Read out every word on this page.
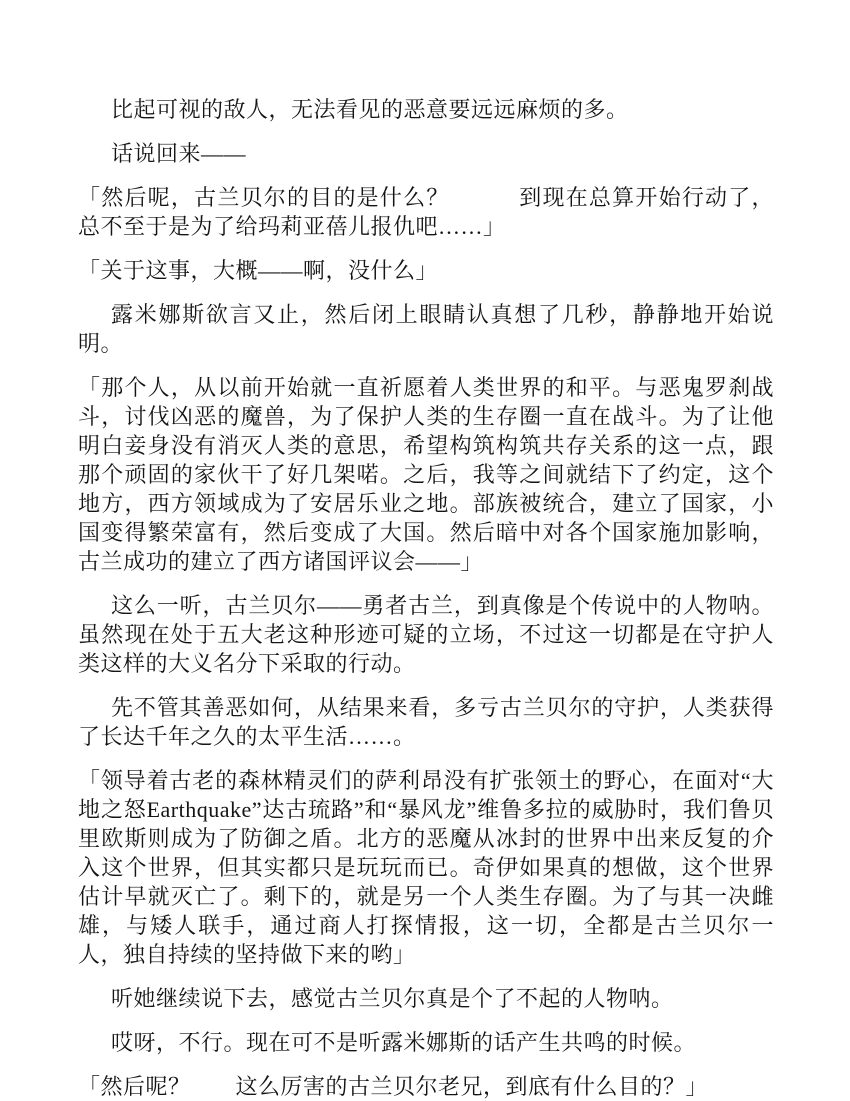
比起可视的敌人，无法看见的恶意要远远麻烦的多。

话说回来——

「然后呢，古兰贝尔的目的是什么？　　　到现在总算开始行动了，总不至于是为了给玛莉亚蓓儿报仇吧……」

「关于这事，大概——啊，没什么」

露米娜斯欲言又止，然后闭上眼睛认真想了几秒，静静地开始说明。

「那个人，从以前开始就一直祈愿着人类世界的和平。与恶鬼罗刹战斗，讨伐凶恶的魔兽，为了保护人类的生存圈一直在战斗。为了让他明白妾身没有消灭人类的意思，希望构筑构筑共存关系的这一点，跟那个顽固的家伙干了好几架喏。之后，我等之间就结下了约定，这个地方，西方领域成为了安居乐业之地。部族被统合，建立了国家，小国变得繁荣富有，然后变成了大国。然后暗中对各个国家施加影响，古兰成功的建立了西方诸国评议会——」

这么一听，古兰贝尔——勇者古兰，到真像是个传说中的人物呐。虽然现在处于五大老这种形迹可疑的立场，不过这一切都是在守护人类这样的大义名分下采取的行动。

先不管其善恶如何，从结果来看，多亏古兰贝尔的守护，人类获得了长达千年之久的太平生活……。

「领导着古老的森林精灵们的萨利昂没有扩张领土的野心，在面对“大地之怒Earthquake”达古琉路”和“暴风龙”维鲁多拉的威胁时，我们鲁贝里欧斯则成为了防御之盾。北方的恶魔从冰封的世界中出来反复的介入这个世界，但其实都只是玩玩而已。奇伊如果真的想做，这个世界估计早就灭亡了。剩下的，就是另一个人类生存圈。为了与其一决雌雄，与矮人联手，通过商人打探情报，这一切，全都是古兰贝尔一人，独自持续的坚持做下来的哟」

听她继续说下去，感觉古兰贝尔真是个了不起的人物呐。

哎呀，不行。现在可不是听露米娜斯的话产生共鸣的时候。

「然后呢？　　这么厉害的古兰贝尔老兄，到底有什么目的？」
